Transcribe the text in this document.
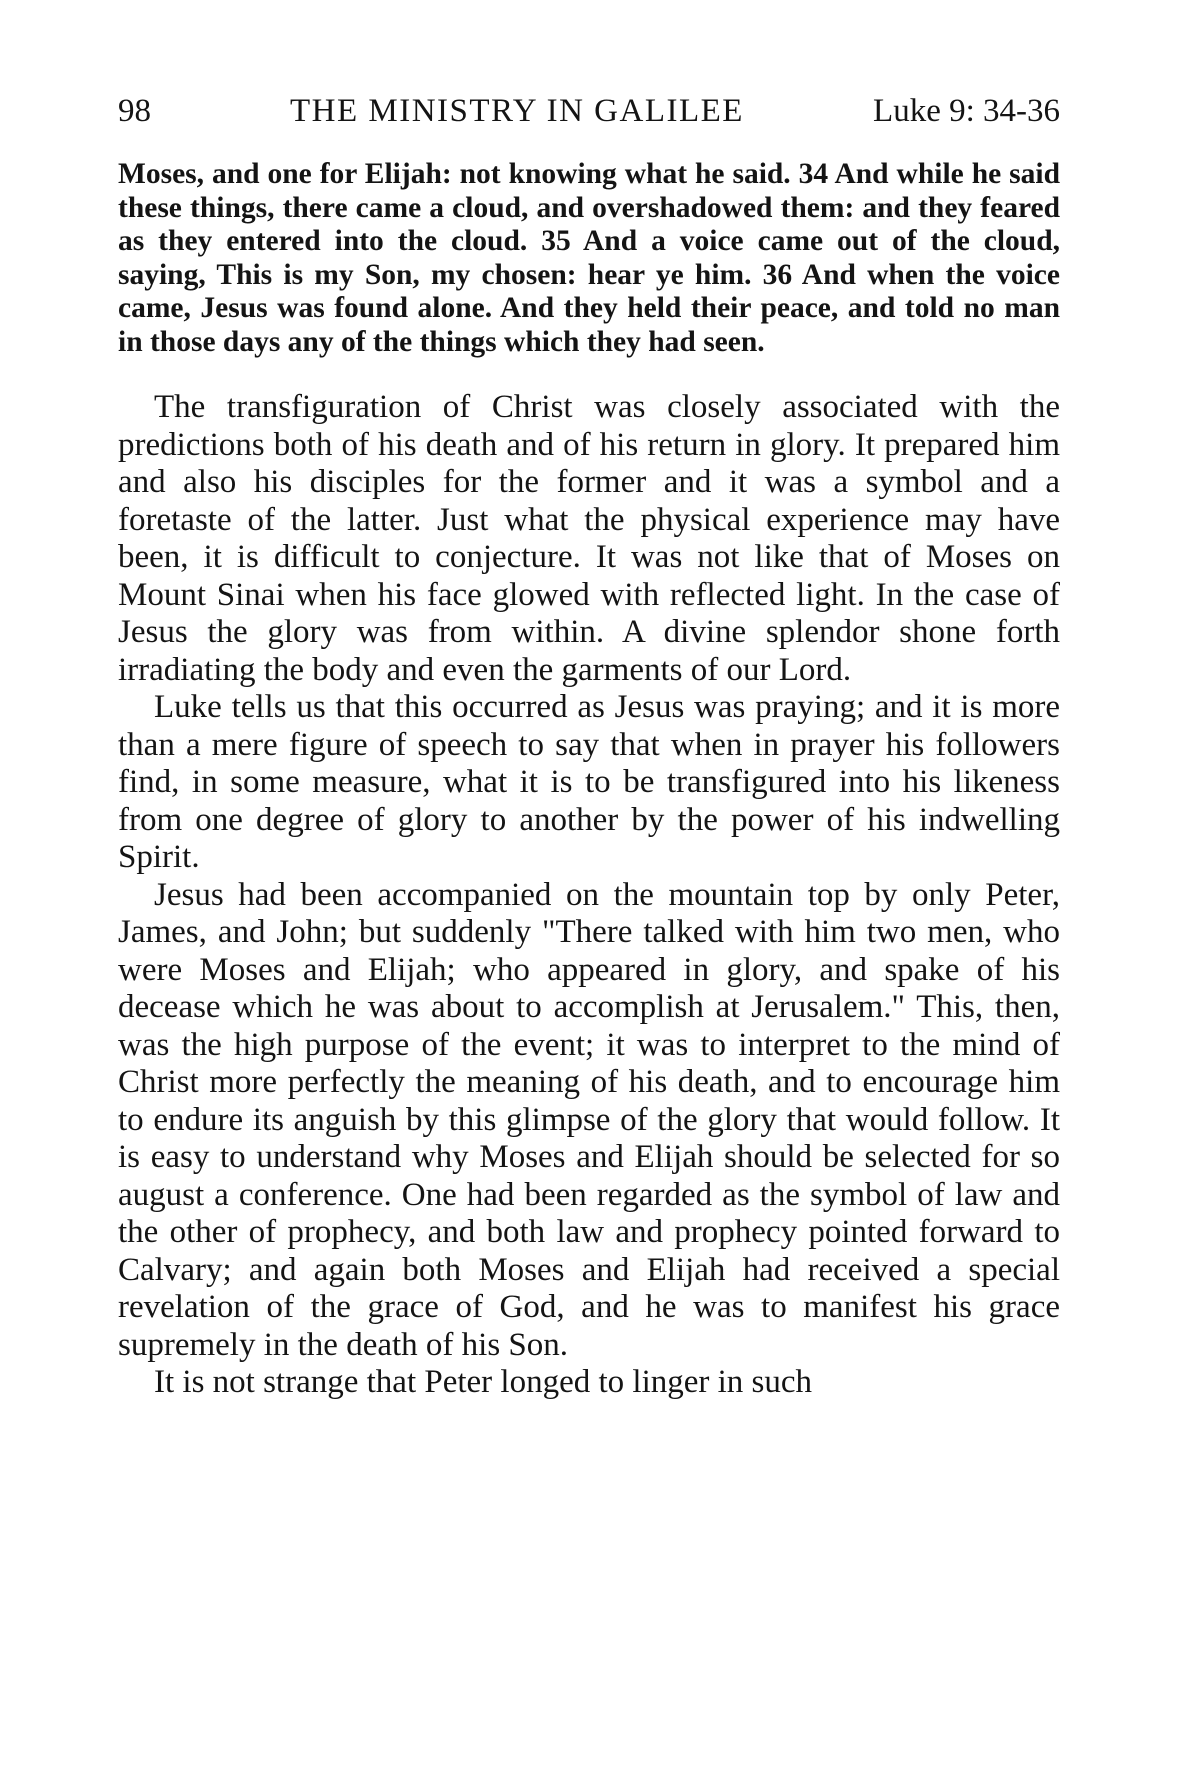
98	THE MINISTRY IN GALILEE	Luke 9: 34-36
Moses, and one for Elijah: not knowing what he said. 34 And while he said these things, there came a cloud, and overshadowed them: and they feared as they entered into the cloud. 35 And a voice came out of the cloud, saying, This is my Son, my chosen: hear ye him. 36 And when the voice came, Jesus was found alone. And they held their peace, and told no man in those days any of the things which they had seen.

The transfiguration of Christ was closely associated with the predictions both of his death and of his return in glory. It prepared him and also his disciples for the former and it was a symbol and a foretaste of the latter. Just what the physical experience may have been, it is difficult to conjecture. It was not like that of Moses on Mount Sinai when his face glowed with reflected light. In the case of Jesus the glory was from within. A divine splendor shone forth irradiating the body and even the garments of our Lord.

Luke tells us that this occurred as Jesus was praying; and it is more than a mere figure of speech to say that when in prayer his followers find, in some measure, what it is to be transfigured into his likeness from one degree of glory to another by the power of his indwelling Spirit.

Jesus had been accompanied on the mountain top by only Peter, James, and John; but suddenly "There talked with him two men, who were Moses and Elijah; who appeared in glory, and spake of his decease which he was about to accomplish at Jerusalem." This, then, was the high purpose of the event; it was to interpret to the mind of Christ more perfectly the meaning of his death, and to encourage him to endure its anguish by this glimpse of the glory that would follow. It is easy to understand why Moses and Elijah should be selected for so august a conference. One had been regarded as the symbol of law and the other of prophecy, and both law and prophecy pointed forward to Calvary; and again both Moses and Elijah had received a special revelation of the grace of God, and he was to manifest his grace supremely in the death of his Son.

It is not strange that Peter longed to linger in such
